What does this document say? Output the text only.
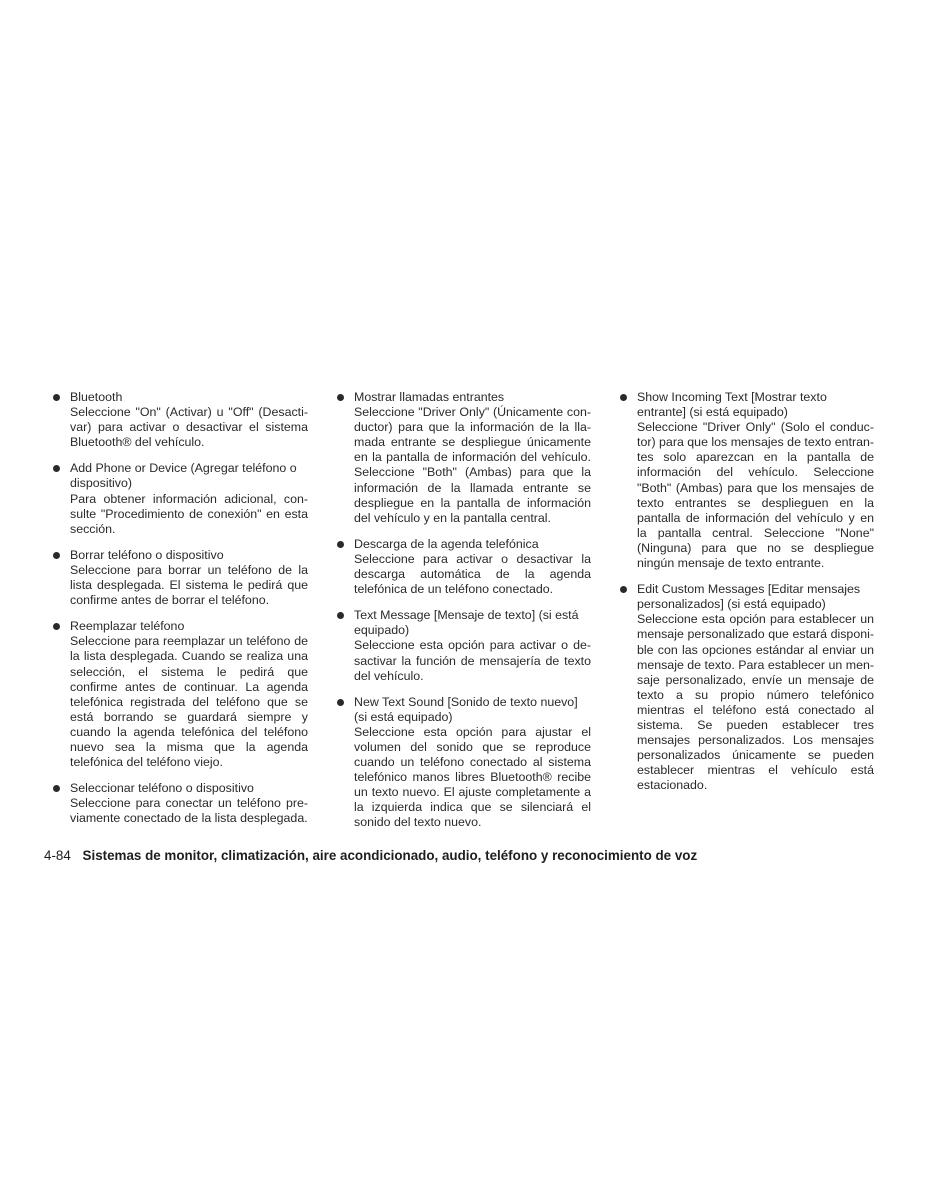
Bluetooth
Seleccione "On" (Activar) u "Off" (Desactivar) para activar o desactivar el sistema Bluetooth® del vehículo.
Add Phone or Device (Agregar teléfono o dispositivo)
Para obtener información adicional, consulte "Procedimiento de conexión" en esta sección.
Borrar teléfono o dispositivo
Seleccione para borrar un teléfono de la lista desplegada. El sistema le pedirá que confirme antes de borrar el teléfono.
Reemplazar teléfono
Seleccione para reemplazar un teléfono de la lista desplegada. Cuando se realiza una selección, el sistema le pedirá que confirme antes de continuar. La agenda telefónica registrada del teléfono que se está borrando se guardará siempre y cuando la agenda telefónica del teléfono nuevo sea la misma que la agenda telefónica del teléfono viejo.
Seleccionar teléfono o dispositivo
Seleccione para conectar un teléfono previamente conectado de la lista desplegada.
Mostrar llamadas entrantes
Seleccione "Driver Only" (Únicamente conductor) para que la información de la llamada entrante se despliegue únicamente en la pantalla de información del vehículo. Seleccione "Both" (Ambas) para que la información de la llamada entrante se despliegue en la pantalla de información del vehículo y en la pantalla central.
Descarga de la agenda telefónica
Seleccione para activar o desactivar la descarga automática de la agenda telefónica de un teléfono conectado.
Text Message [Mensaje de texto] (si está equipado)
Seleccione esta opción para activar o desactivar la función de mensajería de texto del vehículo.
New Text Sound [Sonido de texto nuevo] (si está equipado)
Seleccione esta opción para ajustar el volumen del sonido que se reproduce cuando un teléfono conectado al sistema telefónico manos libres Bluetooth® recibe un texto nuevo. El ajuste completamente a la izquierda indica que se silenciará el sonido del texto nuevo.
Show Incoming Text [Mostrar texto entrante] (si está equipado)
Seleccione "Driver Only" (Solo el conductor) para que los mensajes de texto entrantes solo aparezcan en la pantalla de información del vehículo. Seleccione "Both" (Ambas) para que los mensajes de texto entrantes se desplieguen en la pantalla de información del vehículo y en la pantalla central. Seleccione "None" (Ninguna) para que no se despliegue ningún mensaje de texto entrante.
Edit Custom Messages [Editar mensajes personalizados] (si está equipado)
Seleccione esta opción para establecer un mensaje personalizado que estará disponible con las opciones estándar al enviar un mensaje de texto. Para establecer un mensaje personalizado, envíe un mensaje de texto a su propio número telefónico mientras el teléfono está conectado al sistema. Se pueden establecer tres mensajes personalizados. Los mensajes personalizados únicamente se pueden establecer mientras el vehículo está estacionado.
4-84 Sistemas de monitor, climatización, aire acondicionado, audio, teléfono y reconocimiento de voz
